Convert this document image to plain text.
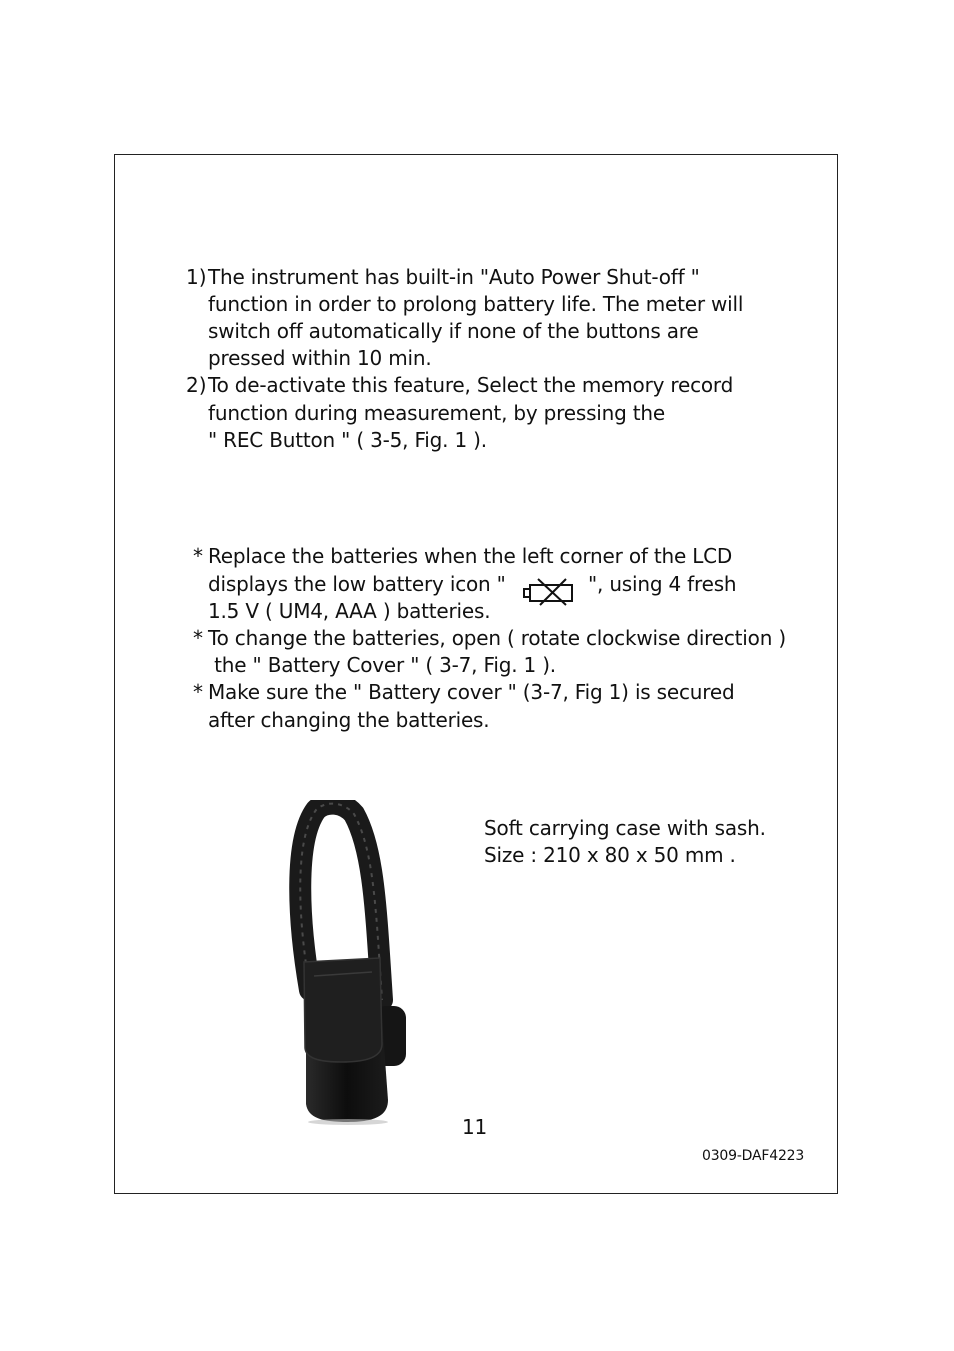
1) The instrument has built-in "Auto Power Shut-off "
function in order to prolong battery life. The meter will
switch off automatically if none of the buttons are
pressed within 10 min.
2) To de-activate this feature, Select the memory record
function during measurement, by pressing the
" REC Button " ( 3-5, Fig. 1 ).
* Replace the batteries when the left corner of the LCD
displays the low battery icon "	", using 4 fresh
1.5 V ( UM4, AAA ) batteries.
* To change the batteries, open ( rotate clockwise direction )
the " Battery Cover " ( 3-7, Fig. 1 ).
* Make sure the " Battery cover " (3-7, Fig 1) is secured
after changing the batteries.
Soft carrying case with sash.
Size : 210 x 80 x 50 mm .
11
0309-DAF4223
